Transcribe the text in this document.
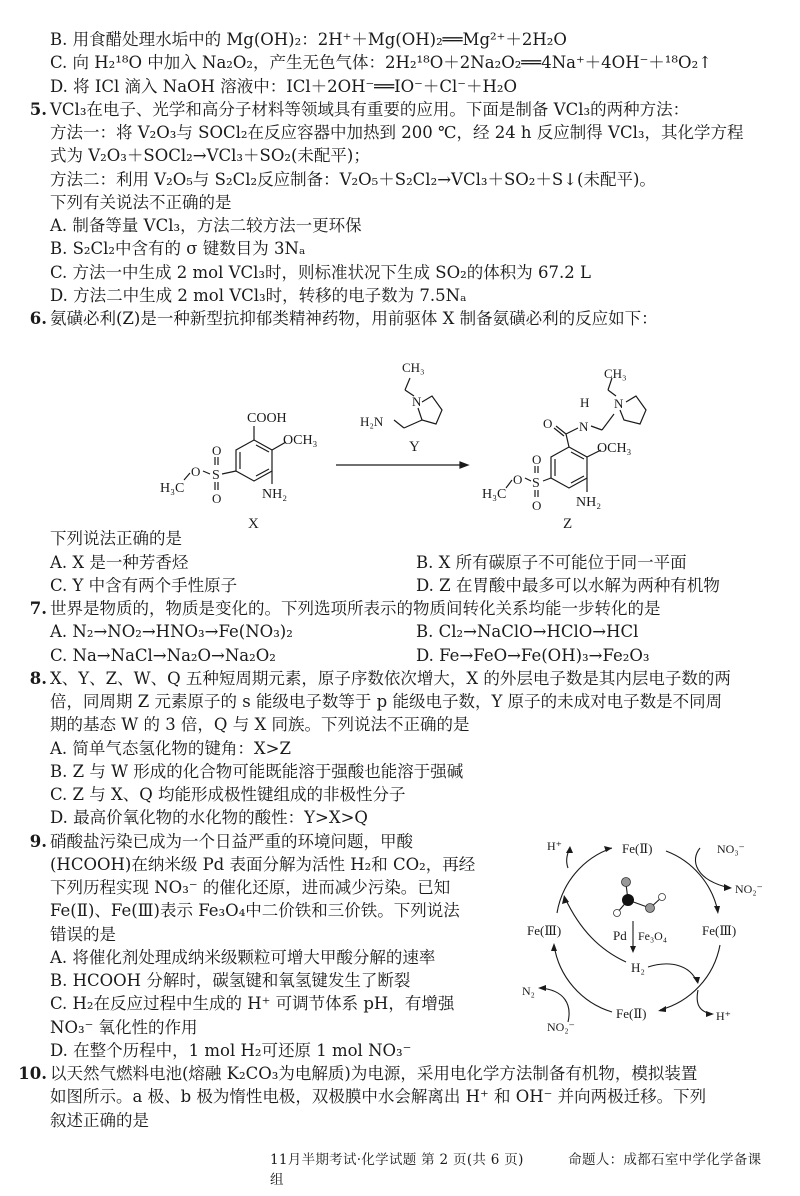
B. 用食醋处理水垢中的 Mg(OH)₂：2H⁺＋Mg(OH)₂══Mg²⁺＋2H₂O
C. 向 H₂¹⁸O 中加入 Na₂O₂，产生无色气体：2H₂¹⁸O＋2Na₂O₂══4Na⁺＋4OH⁻＋¹⁸O₂↑
D. 将 ICl 滴入 NaOH 溶液中：ICl＋2OH⁻══IO⁻＋Cl⁻＋H₂O
5. VCl₃在电子、光学和高分子材料等领域具有重要的应用。下面是制备 VCl₃的两种方法：
方法一：将 V₂O₃与 SOCl₂在反应容器中加热到 200 ℃，经 24 h 反应制得 VCl₃，其化学方程
式为 V₂O₃＋SOCl₂→VCl₃＋SO₂(未配平)；
方法二：利用 V₂O₅与 S₂Cl₂反应制备：V₂O₅＋S₂Cl₂→VCl₃＋SO₂＋S↓(未配平)。
下列有关说法不正确的是
A. 制备等量 VCl₃，方法二较方法一更环保
B. S₂Cl₂中含有的 σ 键数目为 3Nₐ
C. 方法一中生成 2 mol VCl₃时，则标准状况下生成 SO₂的体积为 67.2 L
D. 方法二中生成 2 mol VCl₃时，转移的电子数为 7.5Nₐ
6. 氨磺必利(Z)是一种新型抗抑郁类精神药物，用前驱体 X 制备氨磺必利的反应如下：
下列说法正确的是
A. X 是一种芳香烃	B. X 所有碳原子不可能位于同一平面
C. Y 中含有两个手性原子	D. Z 在胃酸中最多可以水解为两种有机物
7. 世界是物质的，物质是变化的。下列选项所表示的物质间转化关系均能一步转化的是
A. N₂→NO₂→HNO₃→Fe(NO₃)₂	B. Cl₂→NaClO→HClO→HCl
C. Na→NaCl→Na₂O→Na₂O₂	D. Fe→FeO→Fe(OH)₃→Fe₂O₃
8. X、Y、Z、W、Q 五种短周期元素，原子序数依次增大，X 的外层电子数是其内层电子数的两
倍，同周期 Z 元素原子的 s 能级电子数等于 p 能级电子数，Y 原子的未成对电子数是不同周
期的基态 W 的 3 倍，Q 与 X 同族。下列说法不正确的是
A. 简单气态氢化物的键角：X>Z
B. Z 与 W 形成的化合物可能既能溶于强酸也能溶于强碱
C. Z 与 X、Q 均能形成极性键组成的非极性分子
D. 最高价氧化物的水化物的酸性：Y>X>Q
9. 硝酸盐污染已成为一个日益严重的环境问题，甲酸
(HCOOH)在纳米级 Pd 表面分解为活性 H₂和 CO₂，再经
下列历程实现 NO₃⁻ 的催化还原，进而减少污染。已知
Fe(Ⅱ)、Fe(Ⅲ)表示 Fe₃O₄中二价铁和三价铁。下列说法
错误的是
A. 将催化剂处理成纳米级颗粒可增大甲酸分解的速率
B. HCOOH 分解时，碳氢键和氧氢键发生了断裂
C. H₂在反应过程中生成的 H⁺ 可调节体系 pH，有增强
NO₃⁻ 氧化性的作用
D. 在整个历程中，1 mol H₂可还原 1 mol NO₃⁻
10. 以天然气燃料电池(熔融 K₂CO₃为电解质)为电源，采用电化学方法制备有机物，模拟装置
如图所示。a 极、b 极为惰性电极，双极膜中水会解离出 H⁺ 和 OH⁻ 并向两极迁移。下列
叙述正确的是
COOH
OCH₃
NH₂
H₃C
S
O
O
O
X
CH₃
N
H₂N
Y
CH₃
N
H
N
O
OCH₃
NH₂
H₃C
S
O
O
O
Z
Fe(Ⅱ)	NO₃⁻
NO₂⁻
Fe(Ⅲ)
Fe(Ⅲ)
H⁺
Pd Fe₃O₄
H₂
N₂
NO₂⁻
Fe(Ⅱ)	H⁺
11月半期考试·化学试题 第 2 页(共 6 页)	命题人：成都石室中学化学备课组
